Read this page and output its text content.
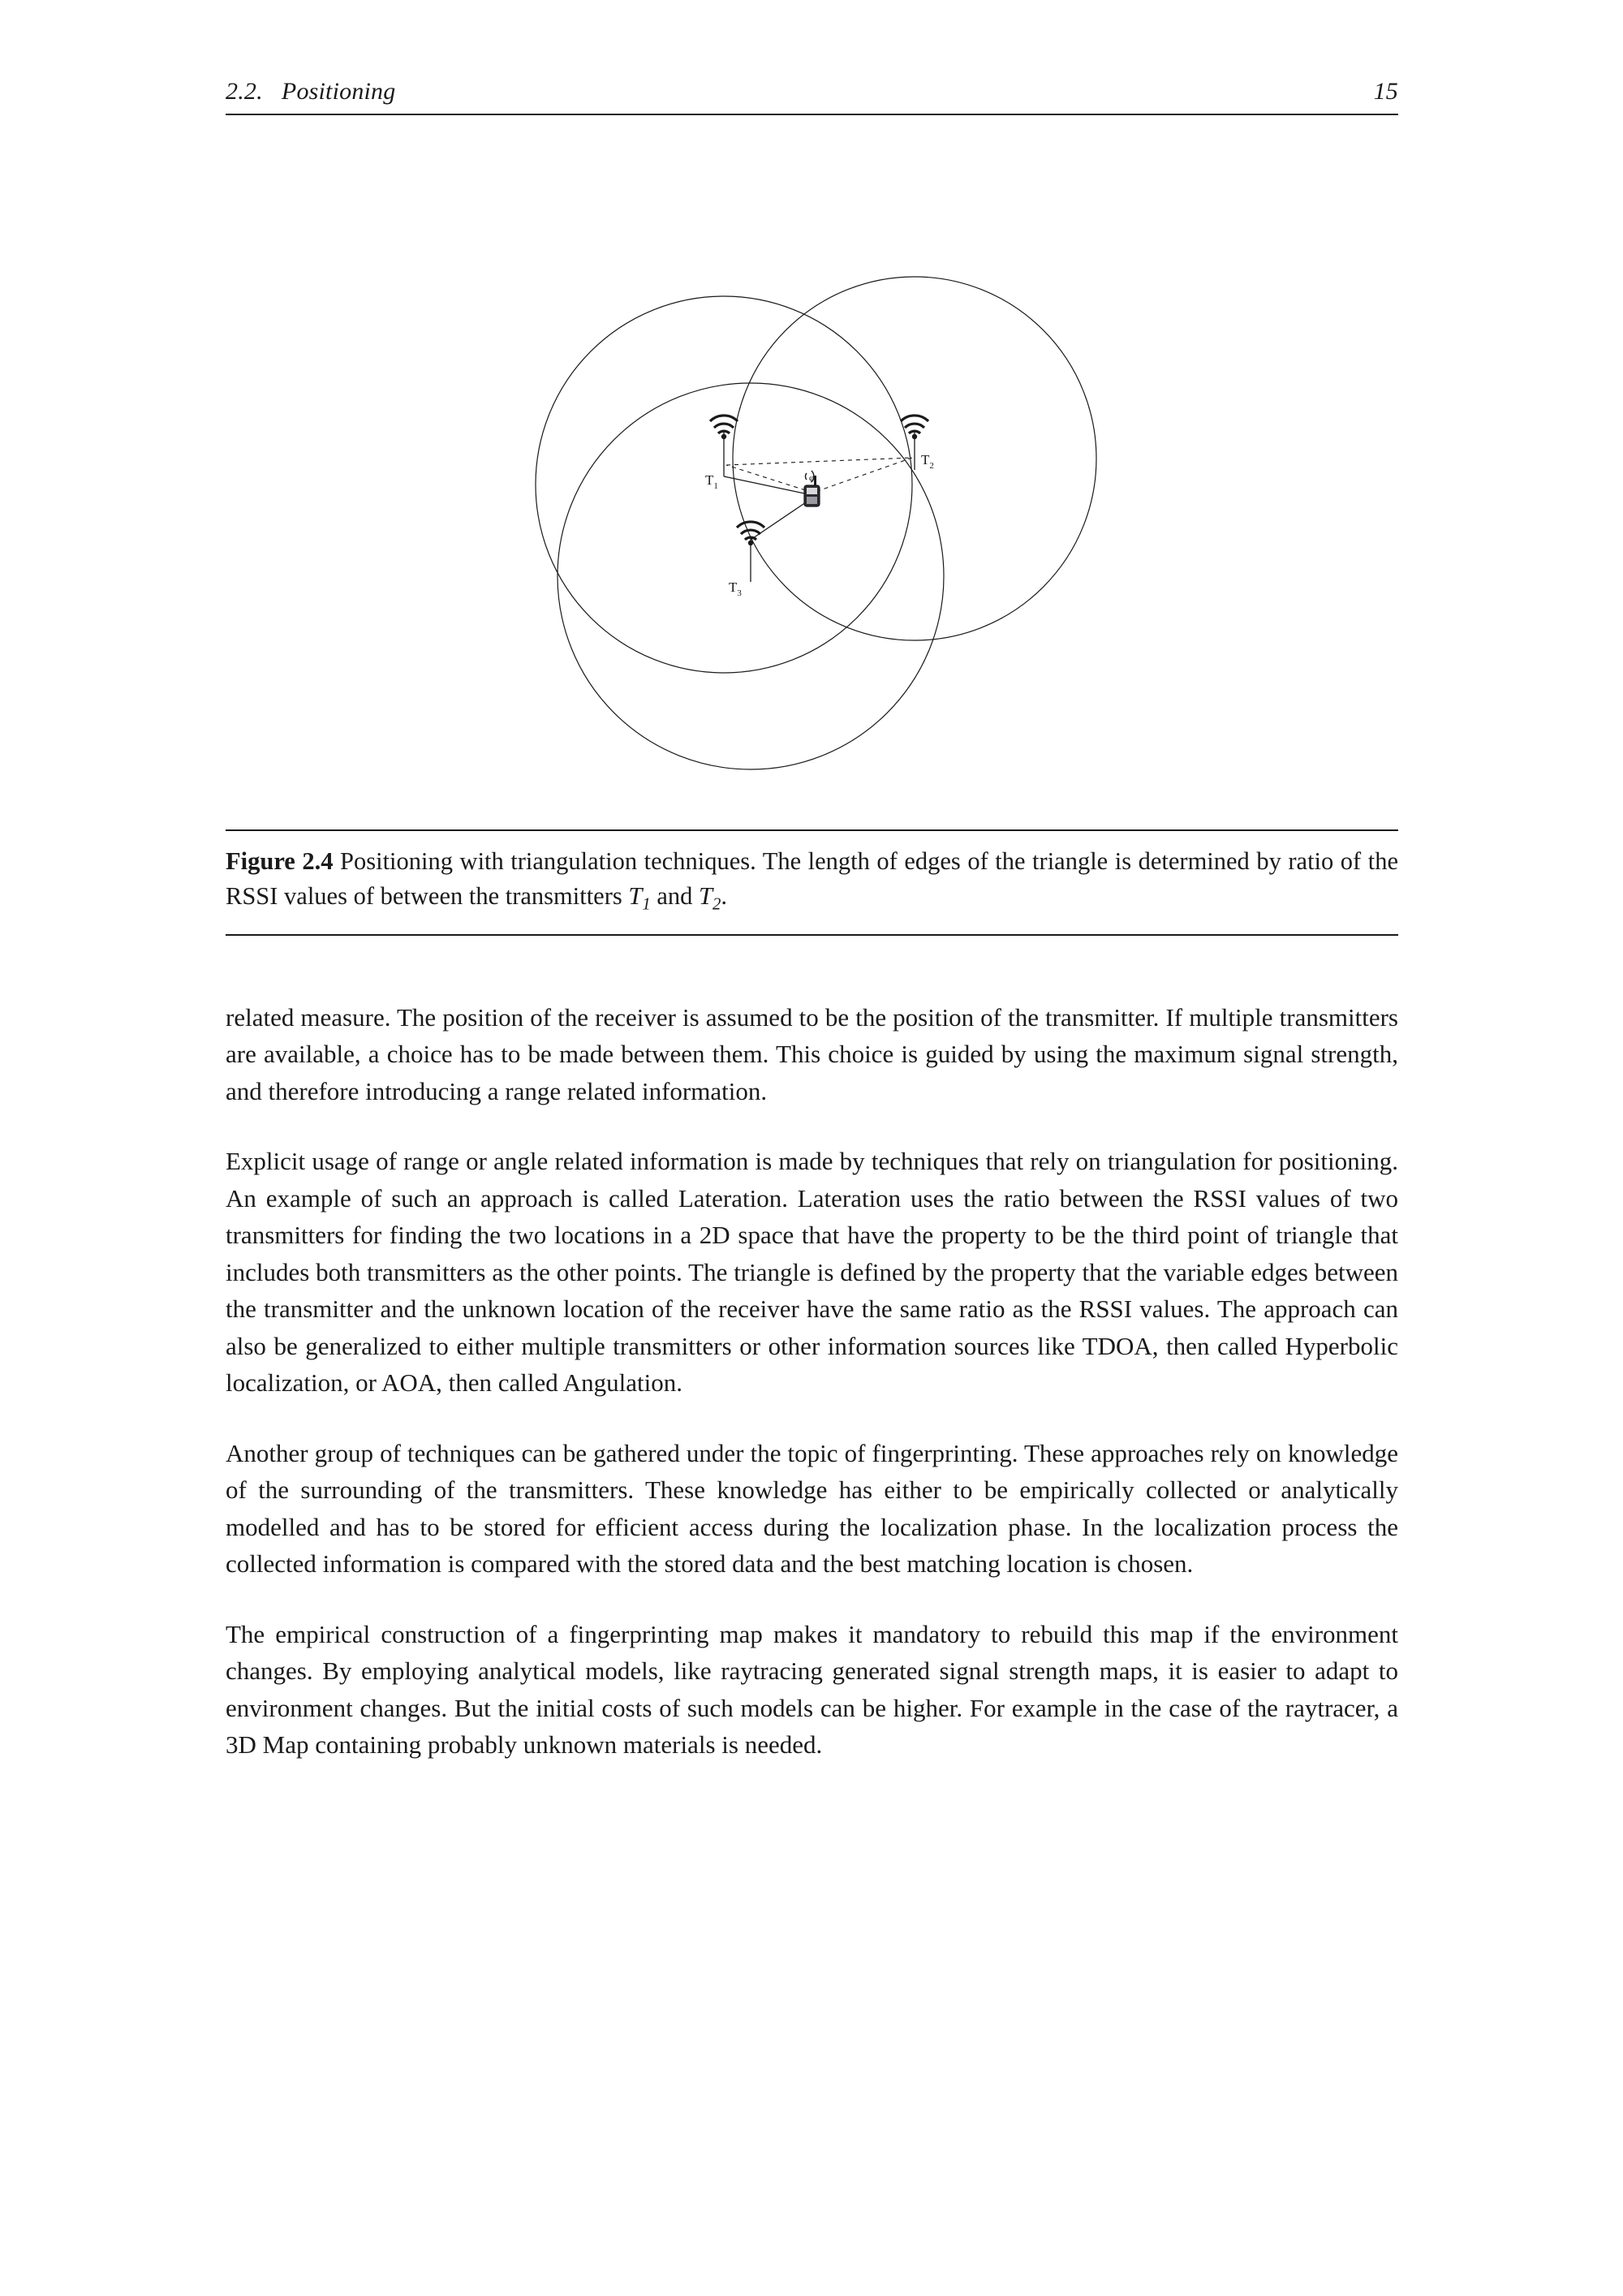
2.2. Positioning	15
$T_1$
$T_2$
$T_3$
φ
Figure 2.4 Positioning with triangulation techniques. The length of edges of the triangle is determined by ratio of the RSSI values of between the transmitters $T_1$ and $T_2$.

related measure. The position of the receiver is assumed to be the position of the transmitter. If multiple transmitters are available, a choice has to be made between them. This choice is guided by using the maximum signal strength, and therefore introducing a range related information.

Explicit usage of range or angle related information is made by techniques that rely on triangulation for positioning. An example of such an approach is called Lateration. Lateration uses the ratio between the RSSI values of two transmitters for finding the two locations in a 2D space that have the property to be the third point of triangle that includes both transmitters as the other points. The triangle is defined by the property that the variable edges between the transmitter and the unknown location of the receiver have the same ratio as the RSSI values. The approach can also be generalized to either multiple transmitters or other information sources like TDOA, then called Hyperbolic localization, or AOA, then called Angulation.

Another group of techniques can be gathered under the topic of fingerprinting. These approaches rely on knowledge of the surrounding of the transmitters. These knowledge has either to be empirically collected or analytically modelled and has to be stored for efficient access during the localization phase. In the localization process the collected information is compared with the stored data and the best matching location is chosen.

The empirical construction of a fingerprinting map makes it mandatory to rebuild this map if the environment changes. By employing analytical models, like raytracing generated signal strength maps, it is easier to adapt to environment changes. But the initial costs of such models can be higher. For example in the case of the raytracer, a 3D Map containing probably unknown materials is needed.
